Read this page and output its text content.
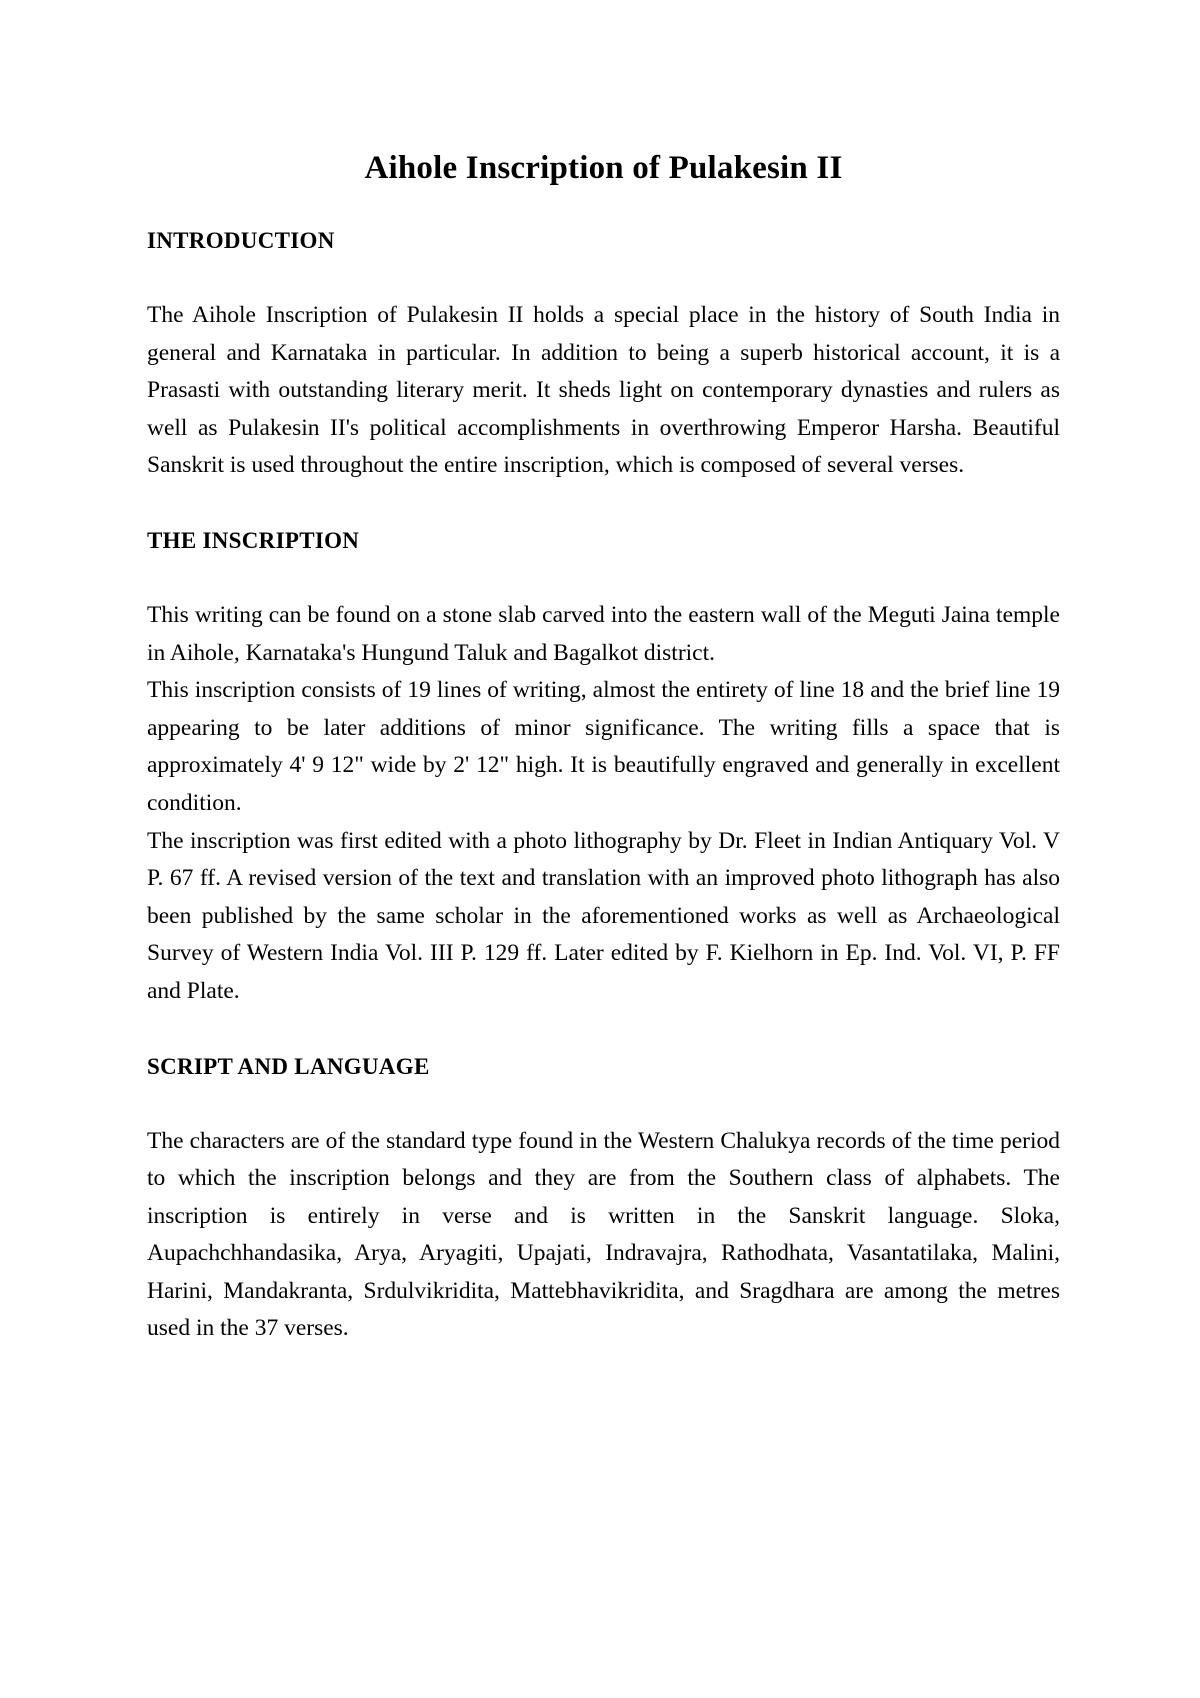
Aihole Inscription of Pulakesin II
INTRODUCTION

The Aihole Inscription of Pulakesin II holds a special place in the history of South India in general and Karnataka in particular. In addition to being a superb historical account, it is a Prasasti with outstanding literary merit. It sheds light on contemporary dynasties and rulers as well as Pulakesin II's political accomplishments in overthrowing Emperor Harsha. Beautiful Sanskrit is used throughout the entire inscription, which is composed of several verses.

THE INSCRIPTION

This writing can be found on a stone slab carved into the eastern wall of the Meguti Jaina temple in Aihole, Karnataka's Hungund Taluk and Bagalkot district.

This inscription consists of 19 lines of writing, almost the entirety of line 18 and the brief line 19 appearing to be later additions of minor significance. The writing fills a space that is approximately 4' 9 12" wide by 2' 12" high. It is beautifully engraved and generally in excellent condition.

The inscription was first edited with a photo lithography by Dr. Fleet in Indian Antiquary Vol. V P. 67 ff. A revised version of the text and translation with an improved photo lithograph has also been published by the same scholar in the aforementioned works as well as Archaeological Survey of Western India Vol. III P. 129 ff. Later edited by F. Kielhorn in Ep. Ind. Vol. VI, P. FF and Plate.

SCRIPT AND LANGUAGE

The characters are of the standard type found in the Western Chalukya records of the time period to which the inscription belongs and they are from the Southern class of alphabets. The inscription is entirely in verse and is written in the Sanskrit language. Sloka, Aupachchhandasika, Arya, Aryagiti, Upajati, Indravajra, Rathodhata, Vasantatilaka, Malini, Harini, Mandakranta, Srdulvikridita, Mattebhavikridita, and Sragdhara are among the metres used in the 37 verses.
